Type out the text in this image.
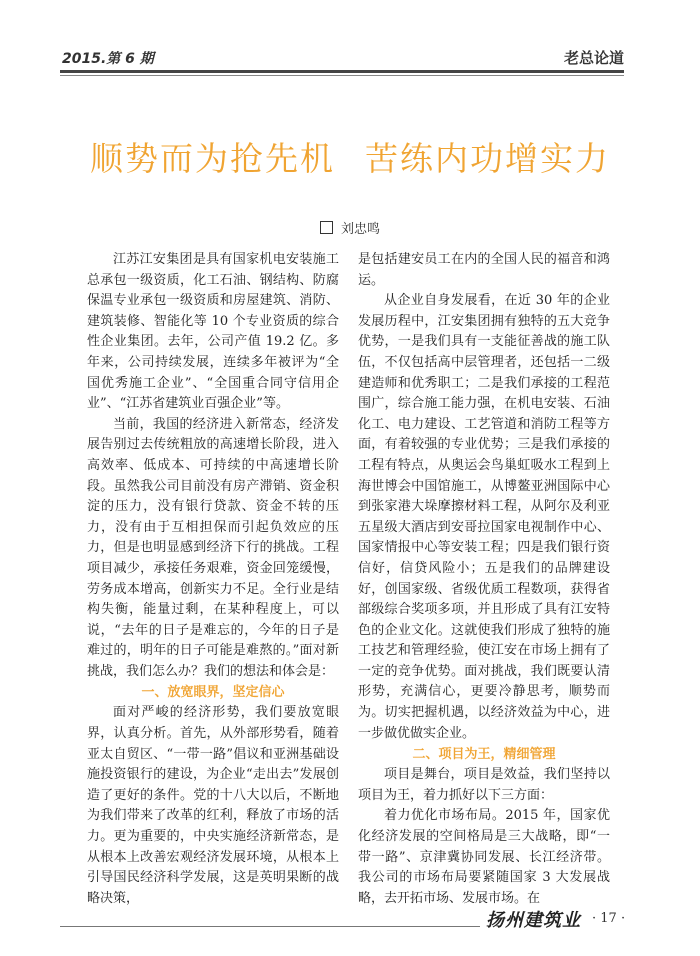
2015.第 6 期	老总论道
顺势而为抢先机 苦练内功增实力
刘忠鸣

江苏江安集团是具有国家机电安装施工总承包一级资质，化工石油、钢结构、防腐保温专业承包一级资质和房屋建筑、消防、建筑装修、智能化等 10 个专业资质的综合性企业集团。去年，公司产值 19.2 亿。多年来，公司持续发展，连续多年被评为“全国优秀施工企业”、“全国重合同守信用企业”、“江苏省建筑业百强企业”等。

当前，我国的经济进入新常态，经济发展告别过去传统粗放的高速增长阶段，进入高效率、低成本、可持续的中高速增长阶段。虽然我公司目前没有房产滞销、资金积淀的压力，没有银行贷款、资金不转的压力，没有由于互相担保而引起负效应的压力，但是也明显感到经济下行的挑战。工程项目减少，承接任务艰难，资金回笼缓慢，劳务成本增高，创新实力不足。全行业是结构失衡，能量过剩，在某种程度上，可以说，“去年的日子是难忘的，今年的日子是难过的，明年的日子可能是难熬的。”面对新挑战，我们怎么办？我们的想法和体会是：

一、放宽眼界，坚定信心

面对严峻的经济形势，我们要放宽眼界，认真分析。首先，从外部形势看，随着亚太自贸区、“一带一路”倡议和亚洲基础设施投资银行的建设，为企业“走出去”发展创造了更好的条件。党的十八大以后，不断地为我们带来了改革的红利，释放了市场的活力。更为重要的，中央实施经济新常态，是从根本上改善宏观经济发展环境，从根本上引导国民经济科学发展，这是英明果断的战略决策，

是包括建安员工在内的全国人民的福音和鸿运。

从企业自身发展看，在近 30 年的企业发展历程中，江安集团拥有独特的五大竞争优势，一是我们具有一支能征善战的施工队伍，不仅包括高中层管理者，还包括一二级建造师和优秀职工；二是我们承接的工程范围广，综合施工能力强，在机电安装、石油化工、电力建设、工艺管道和消防工程等方面，有着较强的专业优势；三是我们承接的工程有特点，从奥运会鸟巢虹吸水工程到上海世博会中国馆施工，从博鳌亚洲国际中心到张家港大垛摩擦材料工程，从阿尔及利亚五星级大酒店到安哥拉国家电视制作中心、国家情报中心等安装工程；四是我们银行资信好，信贷风险小；五是我们的品牌建设好，创国家级、省级优质工程数项，获得省部级综合奖项多项，并且形成了具有江安特色的企业文化。这就使我们形成了独特的施工技艺和管理经验，使江安在市场上拥有了一定的竞争优势。面对挑战，我们既要认清形势，充满信心，更要冷静思考，顺势而为。切实把握机遇，以经济效益为中心，进一步做优做实企业。

二、项目为王，精细管理

项目是舞台，项目是效益，我们坚持以项目为王，着力抓好以下三方面：

着力优化市场布局。2015 年，国家优化经济发展的空间格局是三大战略，即“一带一路”、京津冀协同发展、长江经济带。我公司的市场布局要紧随国家 3 大发展战略，去开拓市场、发展市场。在

扬州建筑业 · 17 ·
